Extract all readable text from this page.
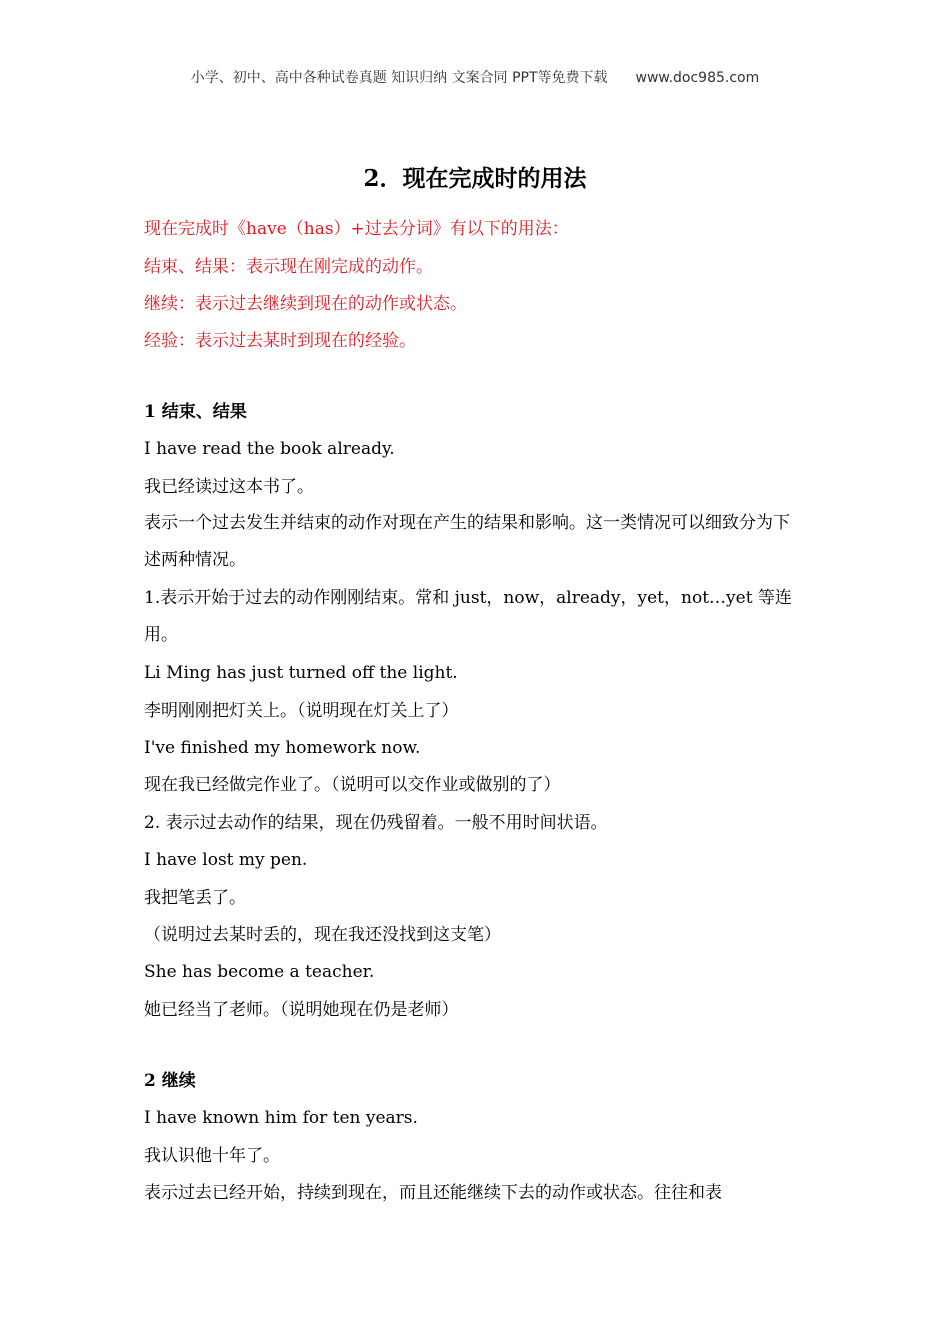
小学、初中、高中各种试卷真题 知识归纳 文案合同 PPT等免费下载 www.doc985.com
2．现在完成时的用法
现在完成时《have（has）+过去分词》有以下的用法：
结束、结果：表示现在刚完成的动作。
继续：表示过去继续到现在的动作或状态。
经验：表示过去某时到现在的经验。
1 结束、结果
I have read the book already.
我已经读过这本书了。
表示一个过去发生并结束的动作对现在产生的结果和影响。这一类情况可以细致分为下述两种情况。
1.表示开始于过去的动作刚刚结束。常和 just，now，already，yet，not…yet 等连用。
Li Ming has just turned off the light.
李明刚刚把灯关上。（说明现在灯关上了）
I've finished my homework now.
现在我已经做完作业了。（说明可以交作业或做别的了）
2. 表示过去动作的结果，现在仍残留着。一般不用时间状语。
I have lost my pen.
我把笔丢了。
（说明过去某时丢的，现在我还没找到这支笔）
She has become a teacher.
她已经当了老师。（说明她现在仍是老师）
2 继续
I have known him for ten years.
我认识他十年了。
表示过去已经开始，持续到现在，而且还能继续下去的动作或状态。往往和表
